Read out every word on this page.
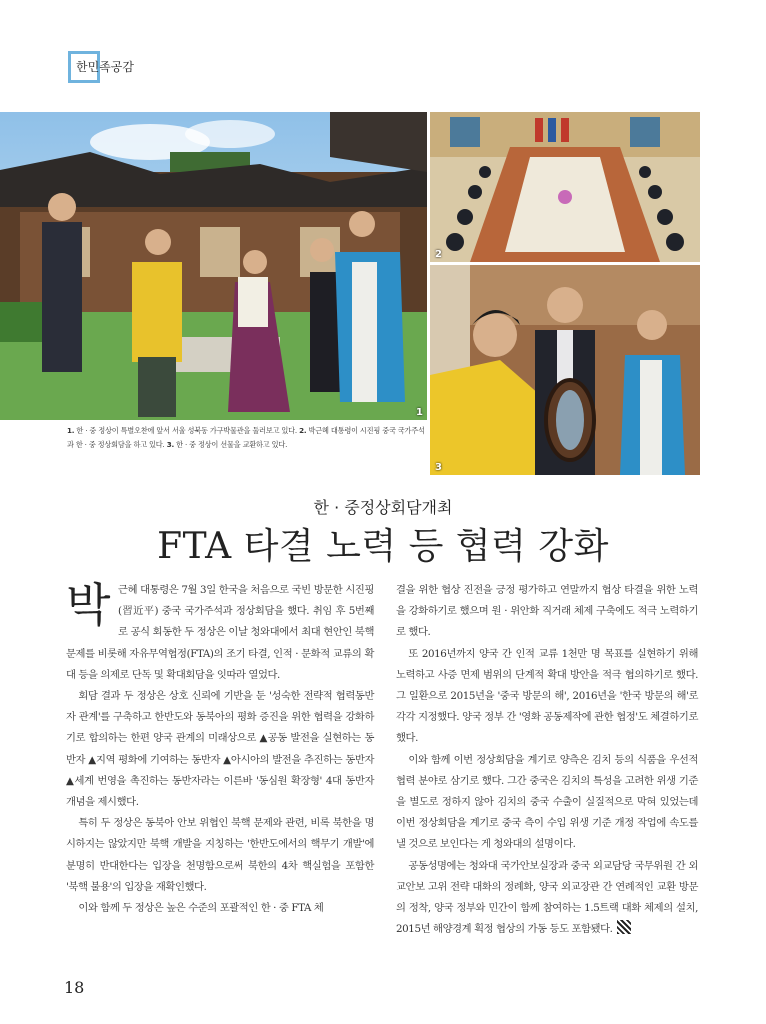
한민족공감
1
2
3
1. 한 · 중 정상이 특별오찬에 앞서 서울 성북동 가구박물관을 둘러보고 있다. 2. 박근혜 대통령이 시진핑 중국 국가주석과 한 · 중 정상회담을 하고 있다. 3. 한 · 중 정상이 선물을 교환하고 있다.
한 · 중정상회담개최
FTA 타결 노력 등 협력 강화

박근혜 대통령은 7월 3일 한국을 처음으로 국빈 방문한 시진핑(習近平) 중국 국가주석과 정상회담을 했다. 취임 후 5번째로 공식 회동한 두 정상은 이날 청와대에서 최대 현안인 북핵 문제를 비롯해 자유무역협정(FTA)의 조기 타결, 인적 · 문화적 교류의 확대 등을 의제로 단독 및 확대회담을 잇따라 열었다.

회담 결과 두 정상은 상호 신뢰에 기반을 둔 '성숙한 전략적 협력동반자 관계'를 구축하고 한반도와 동북아의 평화 증진을 위한 협력을 강화하기로 합의하는 한편 양국 관계의 미래상으로 ▲공동 발전을 실현하는 동반자 ▲지역 평화에 기여하는 동반자 ▲아시아의 발전을 추진하는 동반자 ▲세계 번영을 촉진하는 동반자라는 이른바 '동심원 확장형' 4대 동반자 개념을 제시했다.

특히 두 정상은 동북아 안보 위협인 북핵 문제와 관련, 비록 북한을 명시하지는 않았지만 북핵 개발을 지칭하는 '한반도에서의 핵무기 개발'에 분명히 반대한다는 입장을 천명함으로써 북한의 4차 핵실험을 포함한 '북핵 불용'의 입장을 재확인했다.

이와 함께 두 정상은 높은 수준의 포괄적인 한 · 중 FTA 체

결을 위한 협상 진전을 긍정 평가하고 연말까지 협상 타결을 위한 노력을 강화하기로 했으며 원 · 위안화 직거래 체제 구축에도 적극 노력하기로 했다.

또 2016년까지 양국 간 인적 교류 1천만 명 목표를 실현하기 위해 노력하고 사증 면제 범위의 단계적 확대 방안을 적극 협의하기로 했다. 그 일환으로 2015년을 '중국 방문의 해', 2016년을 '한국 방문의 해'로 각각 지정했다. 양국 정부 간 '영화 공동제작에 관한 협정'도 체결하기로 했다.

이와 함께 이번 정상회담을 계기로 양측은 김치 등의 식품을 우선적 협력 분야로 삼기로 했다. 그간 중국은 김치의 특성을 고려한 위생 기준을 별도로 정하지 않아 김치의 중국 수출이 실질적으로 막혀 있었는데 이번 정상회담을 계기로 중국 측이 수입 위생 기준 개정 작업에 속도를 낼 것으로 보인다는 게 청와대의 설명이다.

공동성명에는 청와대 국가안보실장과 중국 외교담당 국무위원 간 외교안보 고위 전략 대화의 정례화, 양국 외교장관 간 연례적인 교환 방문의 정착, 양국 정부와 민간이 함께 참여하는 1.5트랙 대화 체제의 설치, 2015년 해양경계 획정 협상의 가동 등도 포함됐다.

18
